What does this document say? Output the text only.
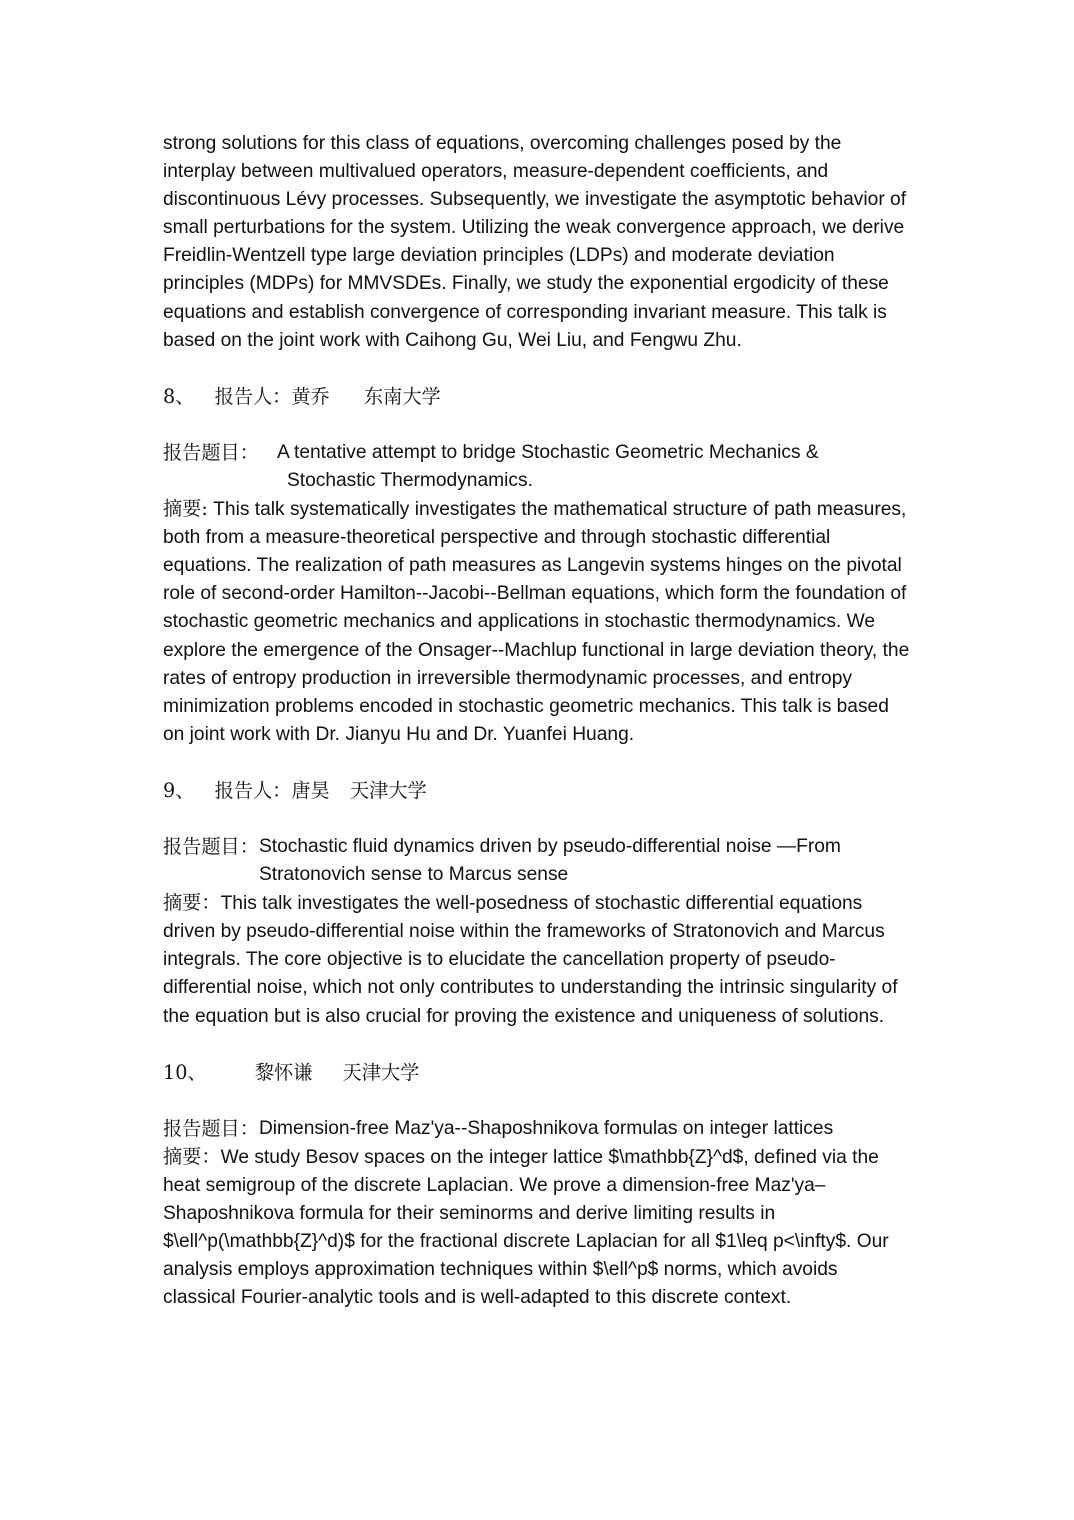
strong solutions for this class of equations, overcoming challenges posed by the interplay between multivalued operators, measure-dependent coefficients, and discontinuous Lévy processes. Subsequently, we investigate the asymptotic behavior of small perturbations for the system. Utilizing the weak convergence approach, we derive Freidlin-Wentzell type large deviation principles (LDPs) and moderate deviation principles (MDPs) for MMVSDEs. Finally, we study the exponential ergodicity of these equations and establish convergence of corresponding invariant measure. This talk is based on the joint work with Caihong Gu, Wei Liu, and Fengwu Zhu.

8、 报告人：黄乔 东南大学

报告题目： A tentative attempt to bridge Stochastic Geometric Mechanics &
Stochastic Thermodynamics.

摘要: This talk systematically investigates the mathematical structure of path measures, both from a measure-theoretical perspective and through stochastic differential equations. The realization of path measures as Langevin systems hinges on the pivotal role of second-order Hamilton--Jacobi--Bellman equations, which form the foundation of stochastic geometric mechanics and applications in stochastic thermodynamics. We explore the emergence of the Onsager--Machlup functional in large deviation theory, the rates of entropy production in irreversible thermodynamic processes, and entropy minimization problems encoded in stochastic geometric mechanics. This talk is based on joint work with Dr. Jianyu Hu and Dr. Yuanfei Huang.

9、 报告人：唐昊 天津大学

报告题目： Stochastic fluid dynamics driven by pseudo-differential noise —From Stratonovich sense to Marcus sense

摘要：This talk investigates the well-posedness of stochastic differential equations driven by pseudo-differential noise within the frameworks of Stratonovich and Marcus integrals. The core objective is to elucidate the cancellation property of pseudo-differential noise, which not only contributes to understanding the intrinsic singularity of the equation but is also crucial for proving the existence and uniqueness of solutions.

10、	黎怀谦 天津大学

报告题目： Dimension-free Maz'ya--Shaposhnikova formulas on integer lattices

摘要：We study Besov spaces on the integer lattice $\mathbb{Z}^d$, defined via the heat semigroup of the discrete Laplacian. We prove a dimension-free Maz'ya–Shaposhnikova formula for their seminorms and derive limiting results in $\ell^p(\mathbb{Z}^d)$ for the fractional discrete Laplacian for all $1\leq p<\infty$. Our analysis employs approximation techniques within $\ell^p$ norms, which avoids classical Fourier-analytic tools and is well-adapted to this discrete context.
